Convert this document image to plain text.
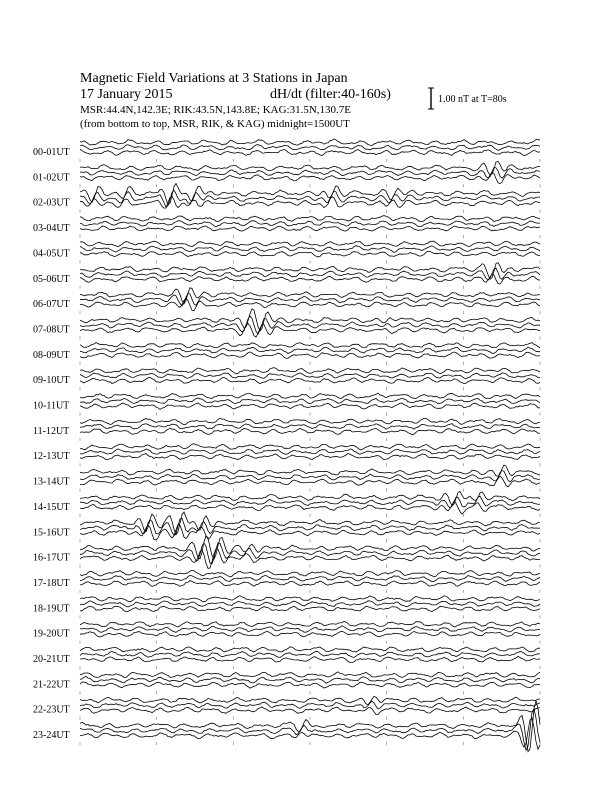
Magnetic Field Variations at 3 Stations in Japan
17 January 2015	dH/dt (filter:40-160s)
MSR:44.4N,142.3E; RIK:43.5N,143.8E; KAG:31.5N,130.7E
(from bottom to top, MSR, RIK, & KAG) midnight=1500UT
1.00 nT at T=80s
00-01UT
01-02UT
02-03UT
03-04UT
04-05UT
05-06UT
06-07UT
07-08UT
08-09UT
09-10UT
10-11UT
11-12UT
12-13UT
13-14UT
14-15UT
15-16UT
16-17UT
17-18UT
18-19UT
19-20UT
20-21UT
21-22UT
22-23UT
23-24UT
